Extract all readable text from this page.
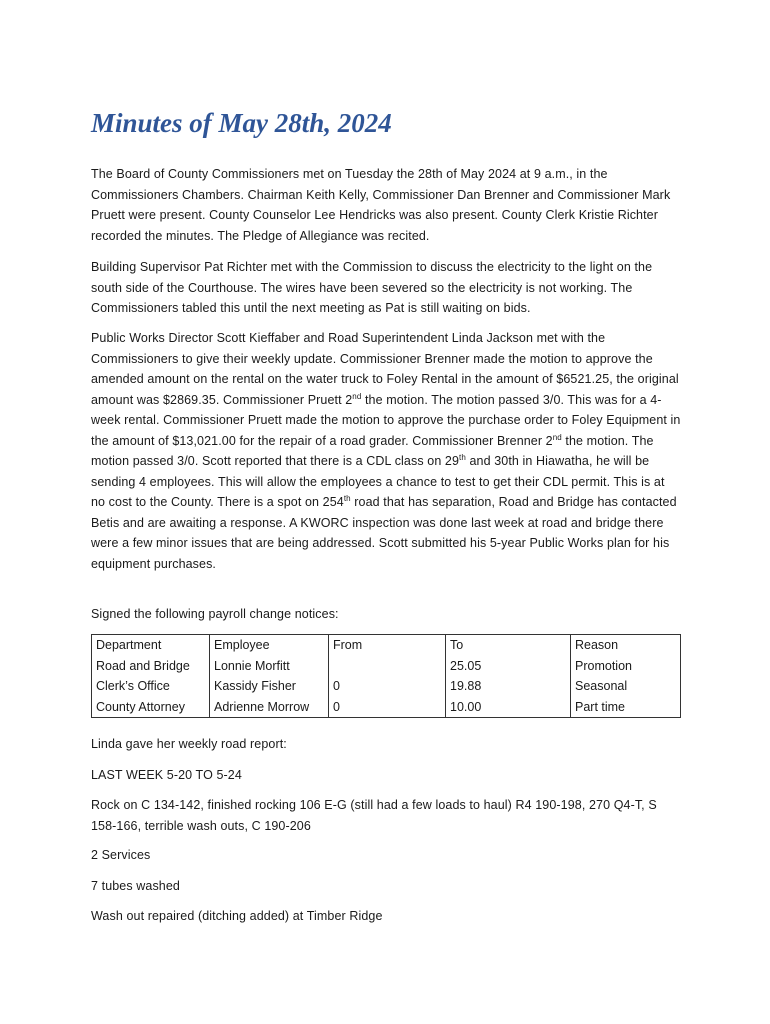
Minutes of May 28th, 2024

The Board of County Commissioners met on Tuesday the 28th of May 2024 at 9 a.m., in the Commissioners Chambers. Chairman Keith Kelly, Commissioner Dan Brenner and Commissioner Mark Pruett were present. County Counselor Lee Hendricks was also present. County Clerk Kristie Richter recorded the minutes. The Pledge of Allegiance was recited.

Building Supervisor Pat Richter met with the Commission to discuss the electricity to the light on the south side of the Courthouse. The wires have been severed so the electricity is not working. The Commissioners tabled this until the next meeting as Pat is still waiting on bids.

Public Works Director Scott Kieffaber and Road Superintendent Linda Jackson met with the Commissioners to give their weekly update. Commissioner Brenner made the motion to approve the amended amount on the rental on the water truck to Foley Rental in the amount of $6521.25, the original amount was $2869.35. Commissioner Pruett 2nd the motion. The motion passed 3/0. This was for a 4-week rental. Commissioner Pruett made the motion to approve the purchase order to Foley Equipment in the amount of $13,021.00 for the repair of a road grader. Commissioner Brenner 2nd the motion. The motion passed 3/0. Scott reported that there is a CDL class on 29th and 30th in Hiawatha, he will be sending 4 employees. This will allow the employees a chance to test to get their CDL permit. This is at no cost to the County. There is a spot on 254th road that has separation, Road and Bridge has contacted Betis and are awaiting a response. A KWORC inspection was done last week at road and bridge there were a few minor issues that are being addressed. Scott submitted his 5-year Public Works plan for his equipment purchases.

Signed the following payroll change notices:

Department	Employee	From	To	Reason
Road and Bridge	Lonnie Morfitt		25.05	Promotion
Clerk’s Office	Kassidy Fisher	0	19.88	Seasonal
County Attorney	Adrienne Morrow	0	10.00	Part time

Linda gave her weekly road report:

LAST WEEK 5-20 TO 5-24

Rock on C 134-142, finished rocking 106 E-G (still had a few loads to haul) R4 190-198, 270 Q4-T, S 158-166, terrible wash outs, C 190-206

2 Services

7 tubes washed

Wash out repaired (ditching added) at Timber Ridge
